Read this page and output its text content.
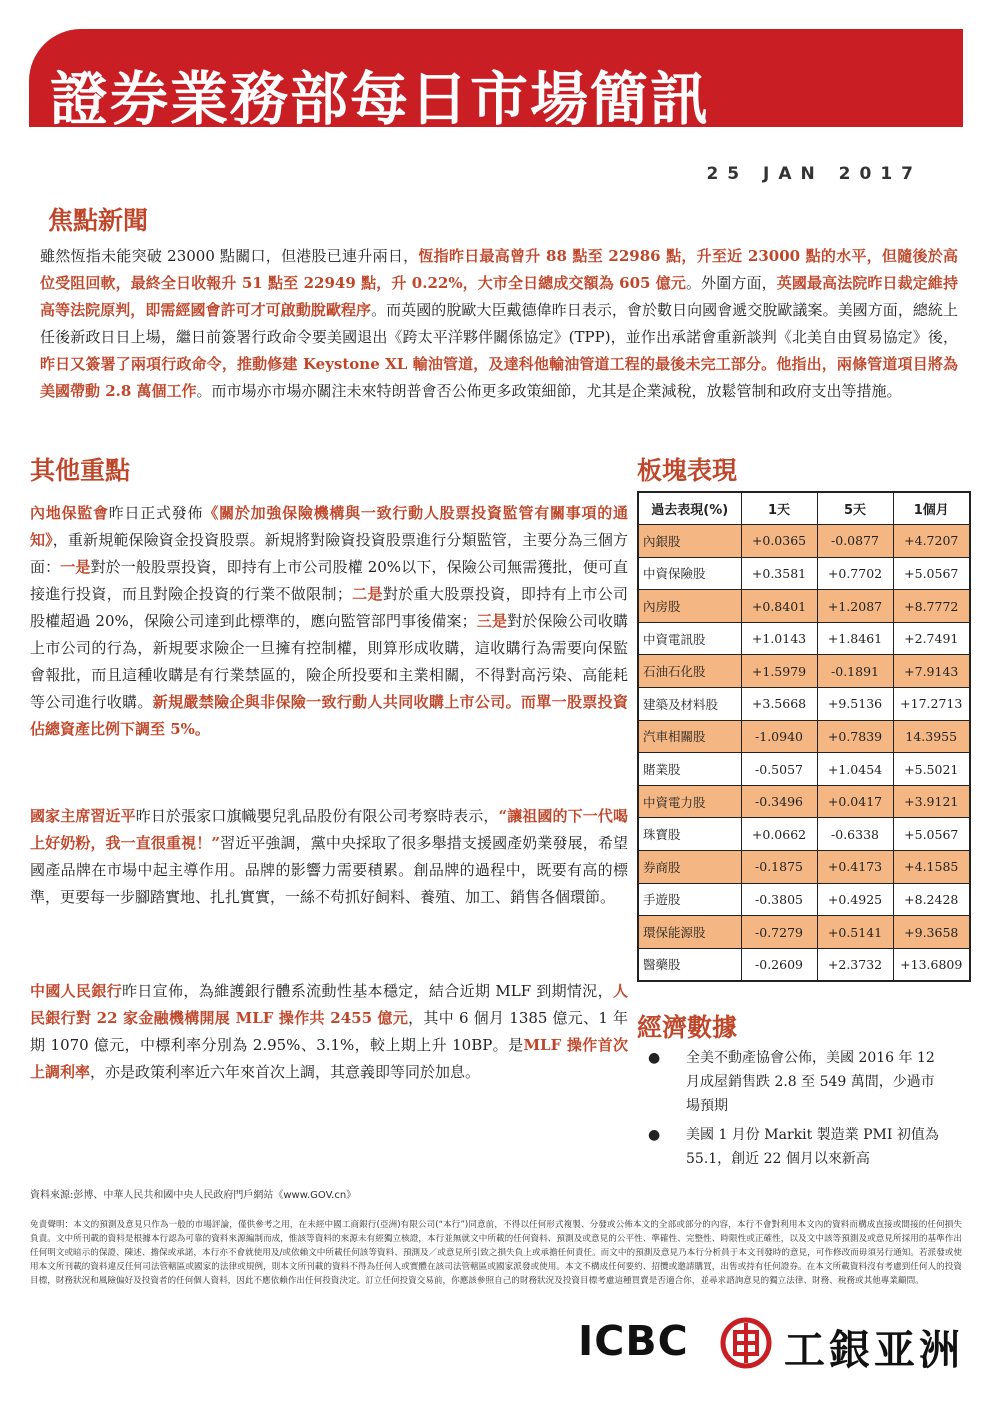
證券業務部每日市場簡訊
25 JAN 2017
焦點新聞
雖然恆指未能突破 23000 點關口，但港股已連升兩日，恆指昨日最高曾升 88 點至 22986 點，升至近 23000 點的水平，但隨後於高位受阻回軟，最終全日收報升 51 點至 22949 點，升 0.22%，大市全日總成交額為 605 億元。外圍方面，英國最高法院昨日裁定維持高等法院原判，即需經國會許可才可啟動脫歐程序。而英國的脫歐大臣戴德偉昨日表示，會於數日向國會遞交脫歐議案。美國方面，總統上任後新政日日上場，繼日前簽署行政命令要美國退出《跨太平洋夥伴關係協定》(TPP)，並作出承諾會重新談判《北美自由貿易協定》後，昨日又簽署了兩項行政命令，推動修建 Keystone XL 輸油管道，及達科他輸油管道工程的最後未完工部分。他指出，兩條管道項目將為美國帶動 2.8 萬個工作。而市場亦市場亦關注未來特朗普會否公佈更多政策細節，尤其是企業減稅，放鬆管制和政府支出等措施。
其他重點
內地保監會昨日正式發佈《關於加強保險機構與一致行動人股票投資監管有關事項的通知》，重新規範保險資金投資股票。新規將對險資投資股票進行分類監管，主要分為三個方面：一是對於一般股票投資，即持有上市公司股權 20%以下，保險公司無需獲批，便可直接進行投資，而且對險企投資的行業不做限制；二是對於重大股票投資，即持有上市公司股權超過 20%，保險公司達到此標準的，應向監管部門事後備案；三是對於保險公司收購上市公司的行為，新規要求險企一旦擁有控制權，則算形成收購，這收購行為需要向保監會報批，而且這種收購是有行業禁區的，險企所投要和主業相關，不得對高污染、高能耗等公司進行收購。新規嚴禁險企與非保險一致行動人共同收購上市公司。而單一股票投資佔總資產比例下調至 5%。
國家主席習近平昨日於張家口旗幟嬰兒乳品股份有限公司考察時表示，“讓祖國的下一代喝上好奶粉，我一直很重視！”習近平強調，黨中央採取了很多舉措支援國產奶業發展，希望國產品牌在市場中起主導作用。品牌的影響力需要積累。創品牌的過程中，既要有高的標準，更要每一步腳踏實地、扎扎實實，一絲不苟抓好飼料、養殖、加工、銷售各個環節。
中國人民銀行昨日宣佈，為維護銀行體系流動性基本穩定，結合近期 MLF 到期情況，人民銀行對 22 家金融機構開展 MLF 操作共 2455 億元，其中 6 個月 1385 億元、1 年期 1070 億元，中標利率分別為 2.95%、3.1%，較上期上升 10BP。是MLF 操作首次上調利率，亦是政策利率近六年來首次上調，其意義即等同於加息。
板塊表現
過去表現(%)	1天	5天	1個月
內銀股	+0.0365	-0.0877	+4.7207
中資保險股	+0.3581	+0.7702	+5.0567
內房股	+0.8401	+1.2087	+8.7772
中資電訊股	+1.0143	+1.8461	+2.7491
石油石化股	+1.5979	-0.1891	+7.9143
建築及材料股	+3.5668	+9.5136	+17.2713
汽車相關股	-1.0940	+0.7839	14.3955
賭業股	-0.5057	+1.0454	+5.5021
中資電力股	-0.3496	+0.0417	+3.9121
珠寶股	+0.0662	-0.6338	+5.0567
券商股	-0.1875	+0.4173	+4.1585
手遊股	-0.3805	+0.4925	+8.2428
環保能源股	-0.7279	+0.5141	+9.3658
醫藥股	-0.2609	+2.3732	+13.6809
經濟數據
● 全美不動產協會公佈，美國 2016 年 12 月成屋銷售跌 2.8 至 549 萬間，少過市場預期
● 美國 1 月份 Markit 製造業 PMI 初值為 55.1，創近 22 個月以來新高
資料來源:彭博、中華人民共和國中央人民政府門戶網站《www.GOV.cn》
免責聲明：本文的預測及意見只作為一般的市場評論，僅供參考之用，在未經中國工商銀行(亞洲)有限公司(“本行”)同意前，不得以任何形式複製、分發或公佈本文的全部或部分的內容，本行不會對利用本文內的資料而構成直接或間接的任何損失負責。文中所刊載的資料是根據本行認為可靠的資料來源編制而成，惟該等資料的來源未有經獨立核證，本行並無就文中所載的任何資料、預測及或意見的公平性、準確性、完整性、時限性或正確性，以及文中該等預測及或意見所採用的基準作出任何明文或暗示的保證、陳述、擔保或承諾，本行亦不會就使用及/或依賴文中所載任何該等資料、預測及／或意見所引致之損失負上或承擔任何責任。而文中的預測及意見乃本行分析員于本文刊發時的意見，可作修改而毋須另行通知。若派發或使用本文所刊載的資料違反任何司法管轄區或國家的法律或規例，則本文所刊載的資料不得為任何人或實體在該司法管轄區或國家派發或使用。本文不構成任何要約、招攬或邀請購買，出售或持有任何證券。在本文所載資料沒有考慮到任何人的投資目標，財務狀況和風險偏好及投資者的任何個人資料，因此不應依賴作出任何投資決定。訂立任何投資交易前，你應該參照自己的財務狀況及投資目標考慮這種買賣是否適合你，並尋求諮詢意見的獨立法律、財務、稅務或其他專業顧問。
ICBC 工銀亚洲
